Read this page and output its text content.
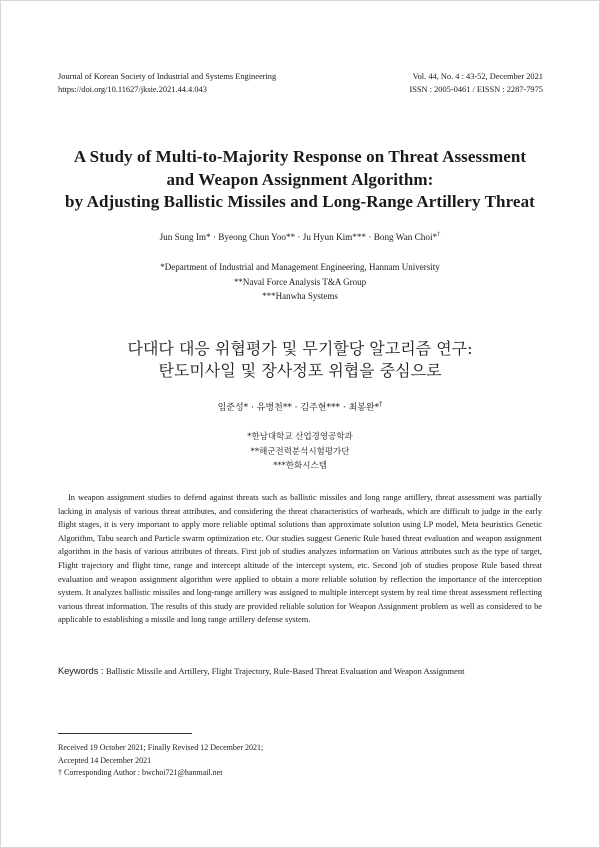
Journal of Korean Society of Industrial and Systems Engineering
https://doi.org/10.11627/jksie.2021.44.4.043
Vol. 44, No. 4 : 43-52, December 2021
ISSN : 2005-0461 / EISSN : 2287-7975
A Study of Multi-to-Majority Response on Threat Assessment
and Weapon Assignment Algorithm:
by Adjusting Ballistic Missiles and Long-Range Artillery Threat
Jun Sung Im* · Byeong Chun Yoo** · Ju Hyun Kim*** · Bong Wan Choi*†
*Department of Industrial and Management Engineering, Hannam University
**Naval Force Analysis T&A Group
***Hanwha Systems
다대다 대응 위협평가 및 무기할당 알고리즘 연구:
탄도미사일 및 장사정포 위협을 중심으로
임준성* · 유병천** · 김주현*** · 최봉완*†
*한남대학교 산업경영공학과
**해군전력분석시험평가단
***한화시스템

In weapon assignment studies to defend against threats such as ballistic missiles and long range artillery, threat assessment was partially lacking in analysis of various threat attributes, and considering the threat characteristics of warheads, which are difficult to judge in the early flight stages, it is very important to apply more reliable optimal solutions than approximate solution using LP model, Meta heuristics Genetic Algorithm, Tabu search and Particle swarm optimization etc. Our studies suggest Generic Rule based threat evaluation and weapon assignment algorithm in the basis of various attributes of threats. First job of studies analyzes information on Various attributes such as the type of target, Flight trajectory and flight time, range and intercept altitude of the intercept system, etc. Second job of studies propose Rule based threat evaluation and weapon assignment algorithm were applied to obtain a more reliable solution by reflection the importance of the interception system. It analyzes ballistic missiles and long-range artillery was assigned to multiple intercept system by real time threat assessment reflecting various threat information. The results of this study are provided reliable solution for Weapon Assignment problem as well as considered to be applicable to establishing a missile and long range artillery defense system.

Keywords : Ballistic Missile and Artillery, Flight Trajectory, Rule-Based Threat Evaluation and Weapon Assignment
Received 19 October 2021; Finally Revised 12 December 2021;
Accepted 14 December 2021
† Corresponding Author : bwchoi721@hanmail.net
